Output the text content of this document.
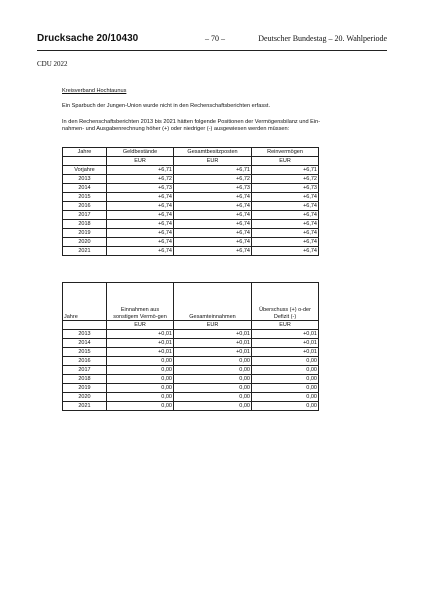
Drucksache 20/10430	– 70 –	Deutscher Bundestag – 20. Wahlperiode
CDU 2022
Kreisverband Hochtaunus
Ein Sparbuch der Jungen-Union wurde nicht in den Rechenschaftsberichten erfasst.
In den Rechenschaftsberichten 2013 bis 2021 hätten folgende Positionen der Vermögensbilanz und Ein-
nahmen- und Ausgabenrechnung höher (+) oder niedriger (-) ausgewiesen werden müssen:
Jahre	Geldbestände	Gesamtbesitzposten	Reinvermögen
	EUR	EUR	EUR
Vorjahre	+6,71	+6,71	+6,71
2013	+6,72	+6,72	+6,72
2014	+6,73	+6,73	+6,73
2015	+6,74	+6,74	+6,74
2016	+6,74	+6,74	+6,74
2017	+6,74	+6,74	+6,74
2018	+6,74	+6,74	+6,74
2019	+6,74	+6,74	+6,74
2020	+6,74	+6,74	+6,74
2021	+6,74	+6,74	+6,74
Jahre	Einnahmen aus sonstigem Vermö-gen	Gesamteinnahmen	Überschuss (+) o-der Defizit (-)
	EUR	EUR	EUR
2013	+0,01	+0,01	+0,01
2014	+0,01	+0,01	+0,01
2015	+0,01	+0,01	+0,01
2016	0,00	0,00	0,00
2017	0,00	0,00	0,00
2018	0,00	0,00	0,00
2019	0,00	0,00	0,00
2020	0,00	0,00	0,00
2021	0,00	0,00	0,00
